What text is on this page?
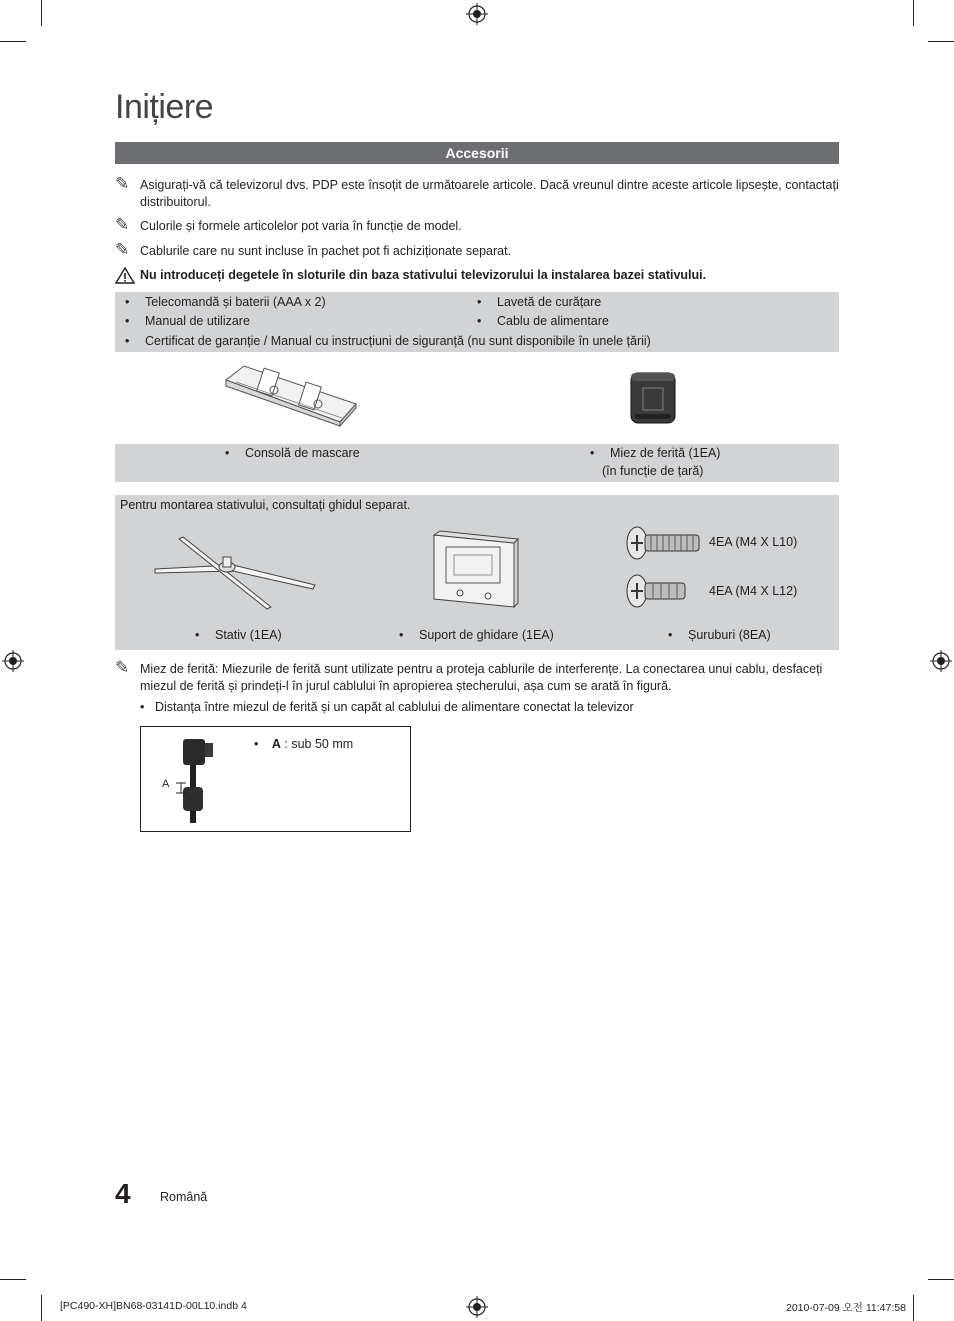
Inițiere
Accesorii
✎ Asigurați-vă că televizorul dvs. PDP este însoțit de următoarele articole. Dacă vreunul dintre aceste articole lipsește, contactați distribuitorul.
✎ Culorile și formele articolelor pot varia în funcție de model.
✎ Cablurile care nu sunt incluse în pachet pot fi achiziționate separat.
Nu introduceți degetele în sloturile din baza stativului televizorului la instalarea bazei stativului.
• Telecomandă și baterii (AAA x 2)
• Manual de utilizare
• Lavetă de curățare
• Cablu de alimentare
• Certificat de garanție / Manual cu instrucțiuni de siguranță (nu sunt disponibile în unele țării)
• Consolă de mascare	• Miez de ferită (1EA)
(în funcție de țară)
Pentru montarea stativului, consultați ghidul separat.
4EA (M4 X L10)
4EA (M4 X L12)
• Stativ (1EA)	• Suport de ghidare (1EA)	• Șuruburi (8EA)
✎ Miez de ferită: Miezurile de ferită sunt utilizate pentru a proteja cablurile de interferențe. La conectarea unui cablu, desfaceți miezul de ferită și prindeți-l în jurul cablului în apropierea ștecherului, așa cum se arată în figură.
• Distanța între miezul de ferită și un capăt al cablului de alimentare conectat la televizor
A
• A : sub 50 mm
4 Română
[PC490-XH]BN68-03141D-00L10.indb 4	2010-07-09 오전 11:47:58
